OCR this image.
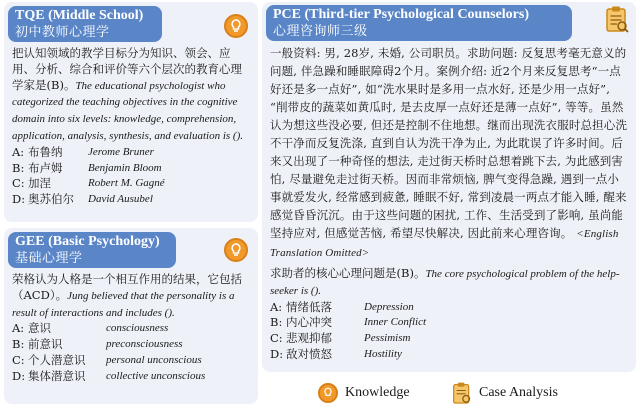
TQE (Middle School)
初中教师心理学
把认知领域的教学目标分为知识、领会、应用、分析、综合和评价等六个层次的教育心理学家是(B)。The educational psychologist who categorized the teaching objectives in the cognitive domain into six levels: knowledge, comprehension, application, analysis, synthesis, and evaluation is ().
A: 布鲁纳	Jerome Bruner
B: 布卢姆	Benjamin Bloom
C: 加涅	Robert M. Gagné
D: 奥苏伯尔	David Ausubel
GEE (Basic Psychology)
基础心理学
荣格认为人格是一个相互作用的结果，它包括（ACD）。Jung believed that the personality is a result of interactions and includes ().
A: 意识	consciousness
B: 前意识	preconsciousness
C: 个人潜意识	personal unconscious
D: 集体潜意识	collective unconscious
PCE (Third-tier Psychological Counselors)
心理咨询师三级
一般资料: 男, 28岁, 未婚, 公司职员。求助问题: 反复思考毫无意义的问题, 伴急躁和睡眠障碍2个月。案例介绍: 近2个月来反复思考“一点好还是多一点好”, 如“洗水果时是多用一点水好, 还是少用一点好”, “削带皮的蔬菜如黄瓜时, 是去皮厚一点好还是薄一点好”, 等等。虽然认为想这些没必要, 但还是控制不住地想。继而出现洗衣服时总担心洗不干净而反复洗涤, 直到自认为洗干净为止, 为此耽误了许多时间。后来又出现了一种奇怪的想法, 走过街天桥时总想着跳下去, 为此感到害怕, 尽量避免走过街天桥。因而非常烦恼, 脾气变得急躁, 遇到一点小事就爱发火, 经常感到疲惫, 睡眠不好, 常到凌晨一两点才能入睡, 醒来感觉昏昏沉沉。由于这些问题的困扰, 工作、生活受到了影响, 虽尚能坚持应对, 但感觉苦恼, 希望尽快解决, 因此前来心理咨询。 <English Translation Omitted>
求助者的核心心理问题是(B)。The core psychological problem of the help-seeker is ().
A: 情绪低落	Depression
B: 内心冲突	Inner Conflict
C: 悲观抑郁	Pessimism
D: 敌对愤怒	Hostility
Knowledge	Case Analysis
